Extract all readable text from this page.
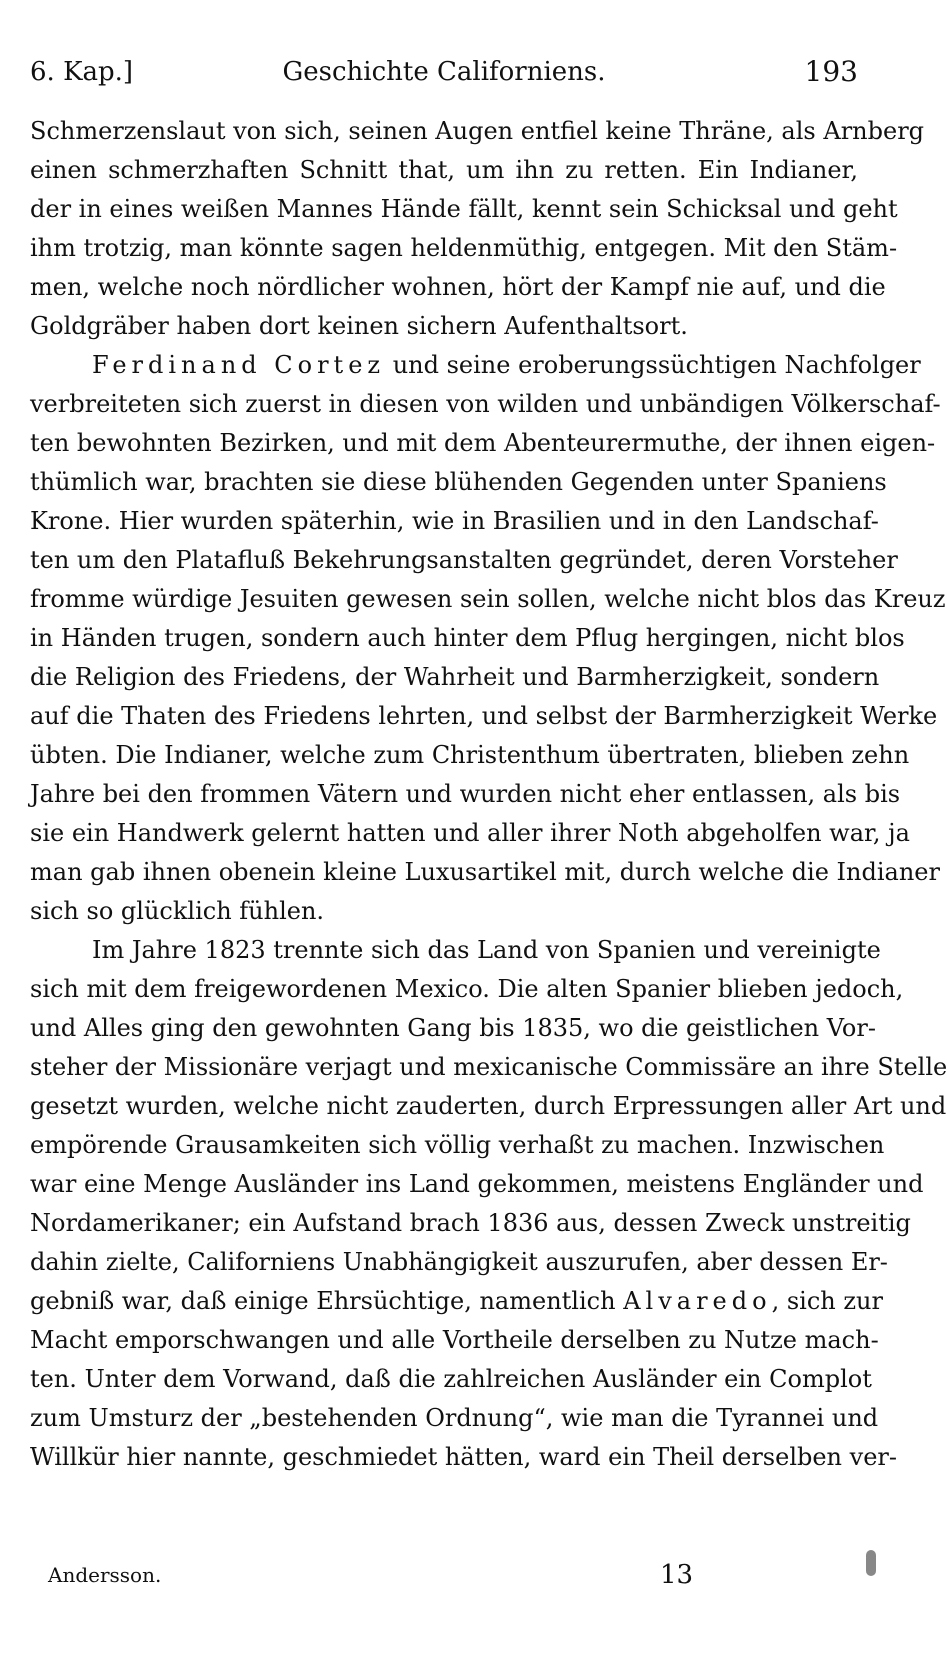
6. Kap.]	Geschichte Californiens.	193
Schmerzenslaut von sich, seinen Augen entfiel keine Thräne, als Arnberg
einen schmerzhaften Schnitt that, um ihn zu retten. Ein Indianer,
der in eines weißen Mannes Hände fällt, kennt sein Schicksal und geht
ihm trotzig, man könnte sagen heldenmüthig, entgegen. Mit den Stäm-
men, welche noch nördlicher wohnen, hört der Kampf nie auf, und die
Goldgräber haben dort keinen sichern Aufenthaltsort.
Ferdinand Cortez und seine eroberungssüchtigen Nachfolger
verbreiteten sich zuerst in diesen von wilden und unbändigen Völkerschaf-
ten bewohnten Bezirken, und mit dem Abenteurermuthe, der ihnen eigen-
thümlich war, brachten sie diese blühenden Gegenden unter Spaniens
Krone. Hier wurden späterhin, wie in Brasilien und in den Landschaf-
ten um den Platafluß Bekehrungsanstalten gegründet, deren Vorsteher
fromme würdige Jesuiten gewesen sein sollen, welche nicht blos das Kreuz
in Händen trugen, sondern auch hinter dem Pflug hergingen, nicht blos
die Religion des Friedens, der Wahrheit und Barmherzigkeit, sondern
auf die Thaten des Friedens lehrten, und selbst der Barmherzigkeit Werke
übten. Die Indianer, welche zum Christenthum übertraten, blieben zehn
Jahre bei den frommen Vätern und wurden nicht eher entlassen, als bis
sie ein Handwerk gelernt hatten und aller ihrer Noth abgeholfen war, ja
man gab ihnen obenein kleine Luxusartikel mit, durch welche die Indianer
sich so glücklich fühlen.
Im Jahre 1823 trennte sich das Land von Spanien und vereinigte
sich mit dem freigewordenen Mexico. Die alten Spanier blieben jedoch,
und Alles ging den gewohnten Gang bis 1835, wo die geistlichen Vor-
steher der Missionäre verjagt und mexicanische Commissäre an ihre Stelle
gesetzt wurden, welche nicht zauderten, durch Erpressungen aller Art und
empörende Grausamkeiten sich völlig verhaßt zu machen. Inzwischen
war eine Menge Ausländer ins Land gekommen, meistens Engländer und
Nordamerikaner; ein Aufstand brach 1836 aus, dessen Zweck unstreitig
dahin zielte, Californiens Unabhängigkeit auszurufen, aber dessen Er-
gebniß war, daß einige Ehrsüchtige, namentlich Alvaredo, sich zur
Macht emporschwangen und alle Vortheile derselben zu Nutze mach-
ten. Unter dem Vorwand, daß die zahlreichen Ausländer ein Complot
zum Umsturz der „bestehenden Ordnung“, wie man die Tyrannei und
Willkür hier nannte, geschmiedet hätten, ward ein Theil derselben ver-
Andersson.	13
